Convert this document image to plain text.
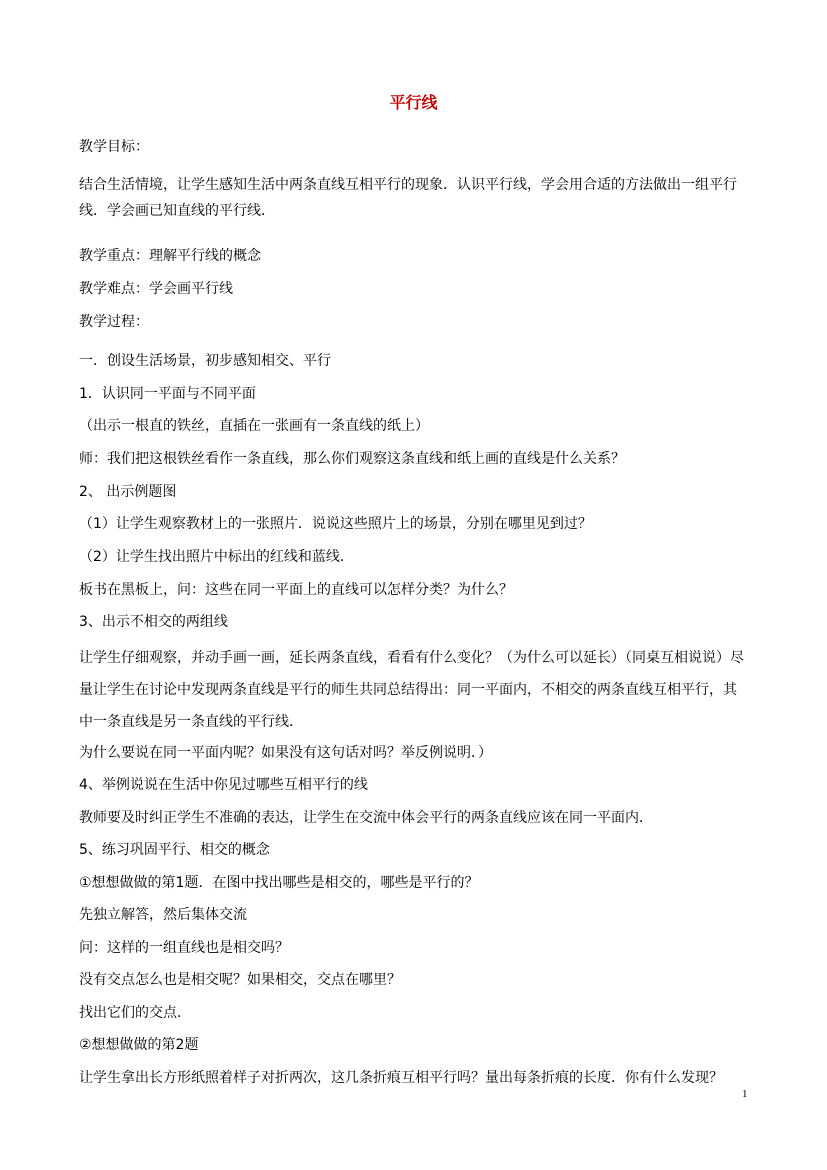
平行线

教学目标：

结合生活情境，让学生感知生活中两条直线互相平行的现象．认识平行线，学会用合适的方法做出一组平行线．学会画已知直线的平行线．

教学重点：理解平行线的概念

教学难点：学会画平行线

教学过程：

一．创设生活场景，初步感知相交、平行

1．认识同一平面与不同平面

（出示一根直的铁丝，直插在一张画有一条直线的纸上）

师：我们把这根铁丝看作一条直线，那么你们观察这条直线和纸上画的直线是什么关系？

2、 出示例题图

（1）让学生观察教材上的一张照片．说说这些照片上的场景，分别在哪里见到过？

（2）让学生找出照片中标出的红线和蓝线．

板书在黑板上，问：这些在同一平面上的直线可以怎样分类？为什么？

3、出示不相交的两组线

让学生仔细观察，并动手画一画，延长两条直线，看看有什么变化？（为什么可以延长）（同桌互相说说）尽量让学生在讨论中发现两条直线是平行的师生共同总结得出：同一平面内，不相交的两条直线互相平行，其中一条直线是另一条直线的平行线．

为什么要说在同一平面内呢？如果没有这句话对吗？举反例说明．）

4、举例说说在生活中你见过哪些互相平行的线

教师要及时纠正学生不准确的表达，让学生在交流中体会平行的两条直线应该在同一平面内．

5、练习巩固平行、相交的概念

①想想做做的第1题．在图中找出哪些是相交的，哪些是平行的？

先独立解答，然后集体交流

问：这样的一组直线也是相交吗？

没有交点怎么也是相交呢？如果相交，交点在哪里？

找出它们的交点．

②想想做做的第2题

让学生拿出长方形纸照着样子对折两次，这几条折痕互相平行吗？量出每条折痕的长度．你有什么发现？

1
